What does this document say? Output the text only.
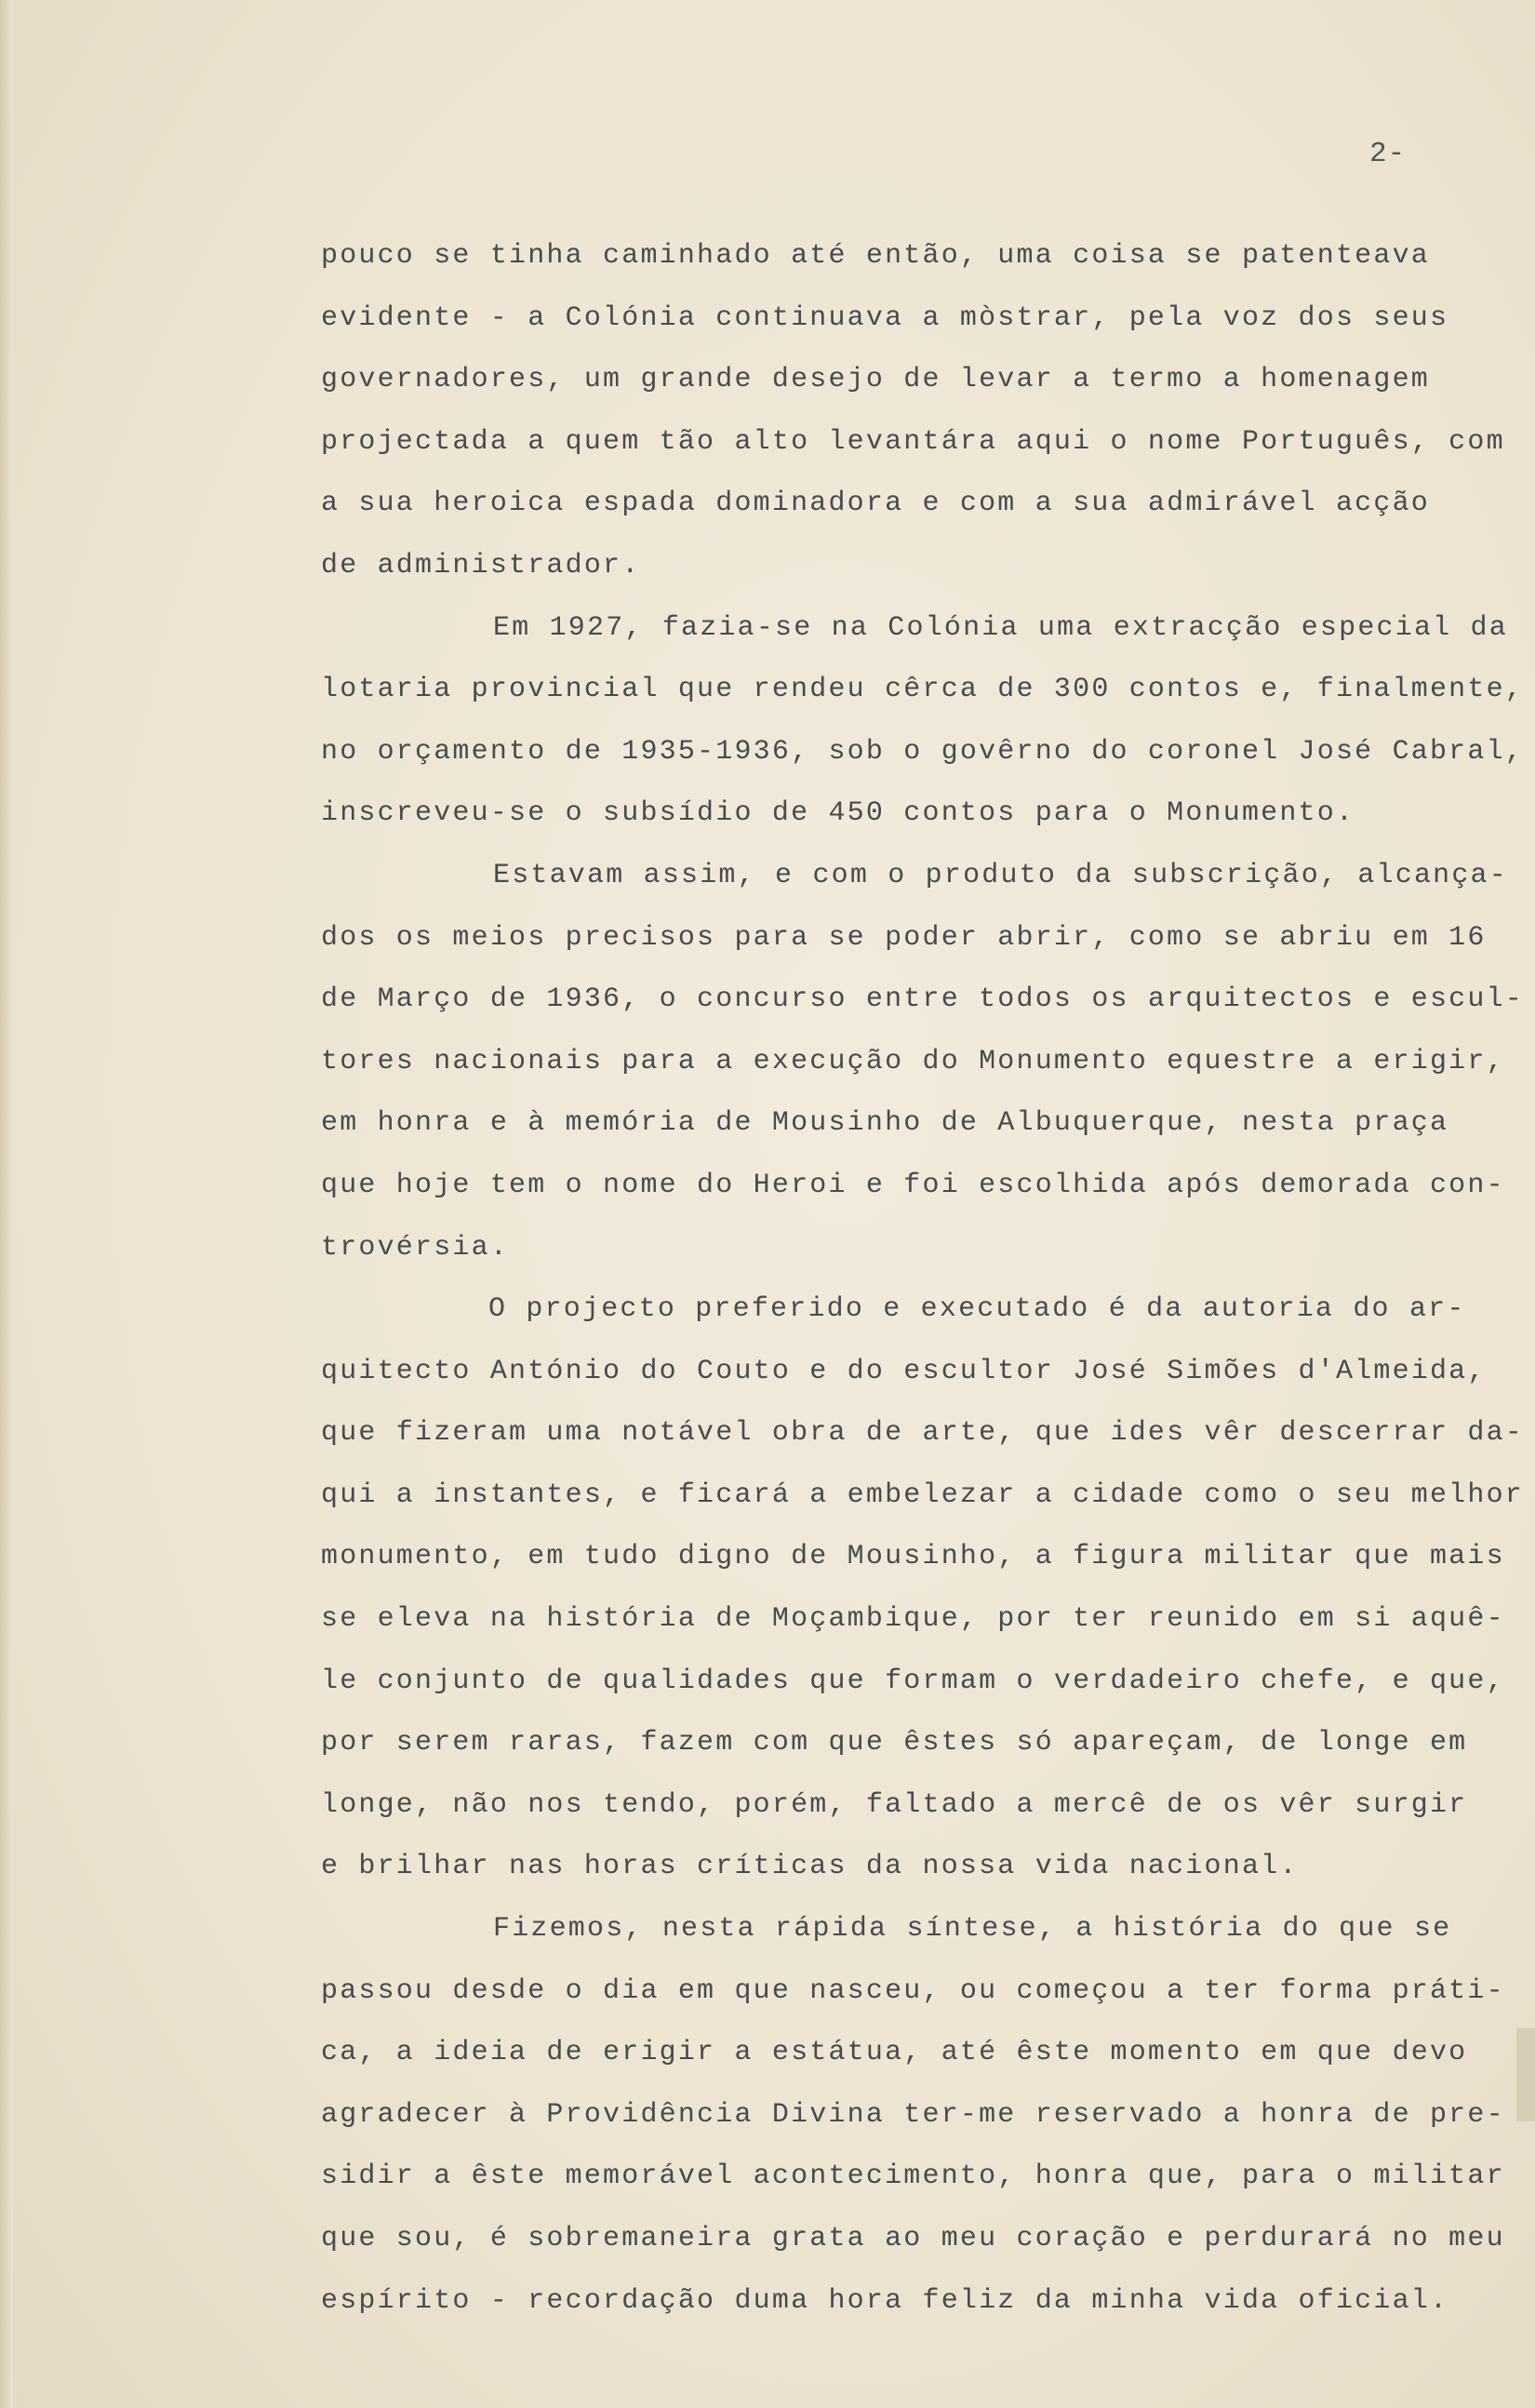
2-
pouco se tinha caminhado até então, uma coisa se patenteava
evidente - a Colónia continuava a mòstrar, pela voz dos seus
governadores, um grande desejo de levar a termo a homenagem
projectada a quem tão alto levantára aqui o nome Português, com
a sua heroica espada dominadora e com a sua admirável acção
de administrador.
Em 1927, fazia-se na Colónia uma extracção especial da
lotaria provincial que rendeu cêrca de 300 contos e, finalmente,
no orçamento de 1935-1936, sob o govêrno do coronel José Cabral,
inscreveu-se o subsídio de 450 contos para o Monumento.
Estavam assim, e com o produto da subscrição, alcança-
dos os meios precisos para se poder abrir, como se abriu em 16
de Março de 1936, o concurso entre todos os arquitectos e escul-
tores nacionais para a execução do Monumento equestre a erigir,
em honra e à memória de Mousinho de Albuquerque, nesta praça
que hoje tem o nome do Heroi e foi escolhida após demorada con-
trovérsia.
O projecto preferido e executado é da autoria do ar-
quitecto António do Couto e do escultor José Simões d'Almeida,
que fizeram uma notável obra de arte, que ides vêr descerrar da-
qui a instantes, e ficará a embelezar a cidade como o seu melhor
monumento, em tudo digno de Mousinho, a figura militar que mais
se eleva na história de Moçambique, por ter reunido em si aquê-
le conjunto de qualidades que formam o verdadeiro chefe, e que,
por serem raras, fazem com que êstes só apareçam, de longe em
longe, não nos tendo, porém, faltado a mercê de os vêr surgir
e brilhar nas horas críticas da nossa vida nacional.
Fizemos, nesta rápida síntese, a história do que se
passou desde o dia em que nasceu, ou começou a ter forma práti-
ca, a ideia de erigir a estátua, até êste momento em que devo
agradecer à Providência Divina ter-me reservado a honra de pre-
sidir a êste memorável acontecimento, honra que, para o militar
que sou, é sobremaneira grata ao meu coração e perdurará no meu
espírito - recordação duma hora feliz da minha vida oficial.
